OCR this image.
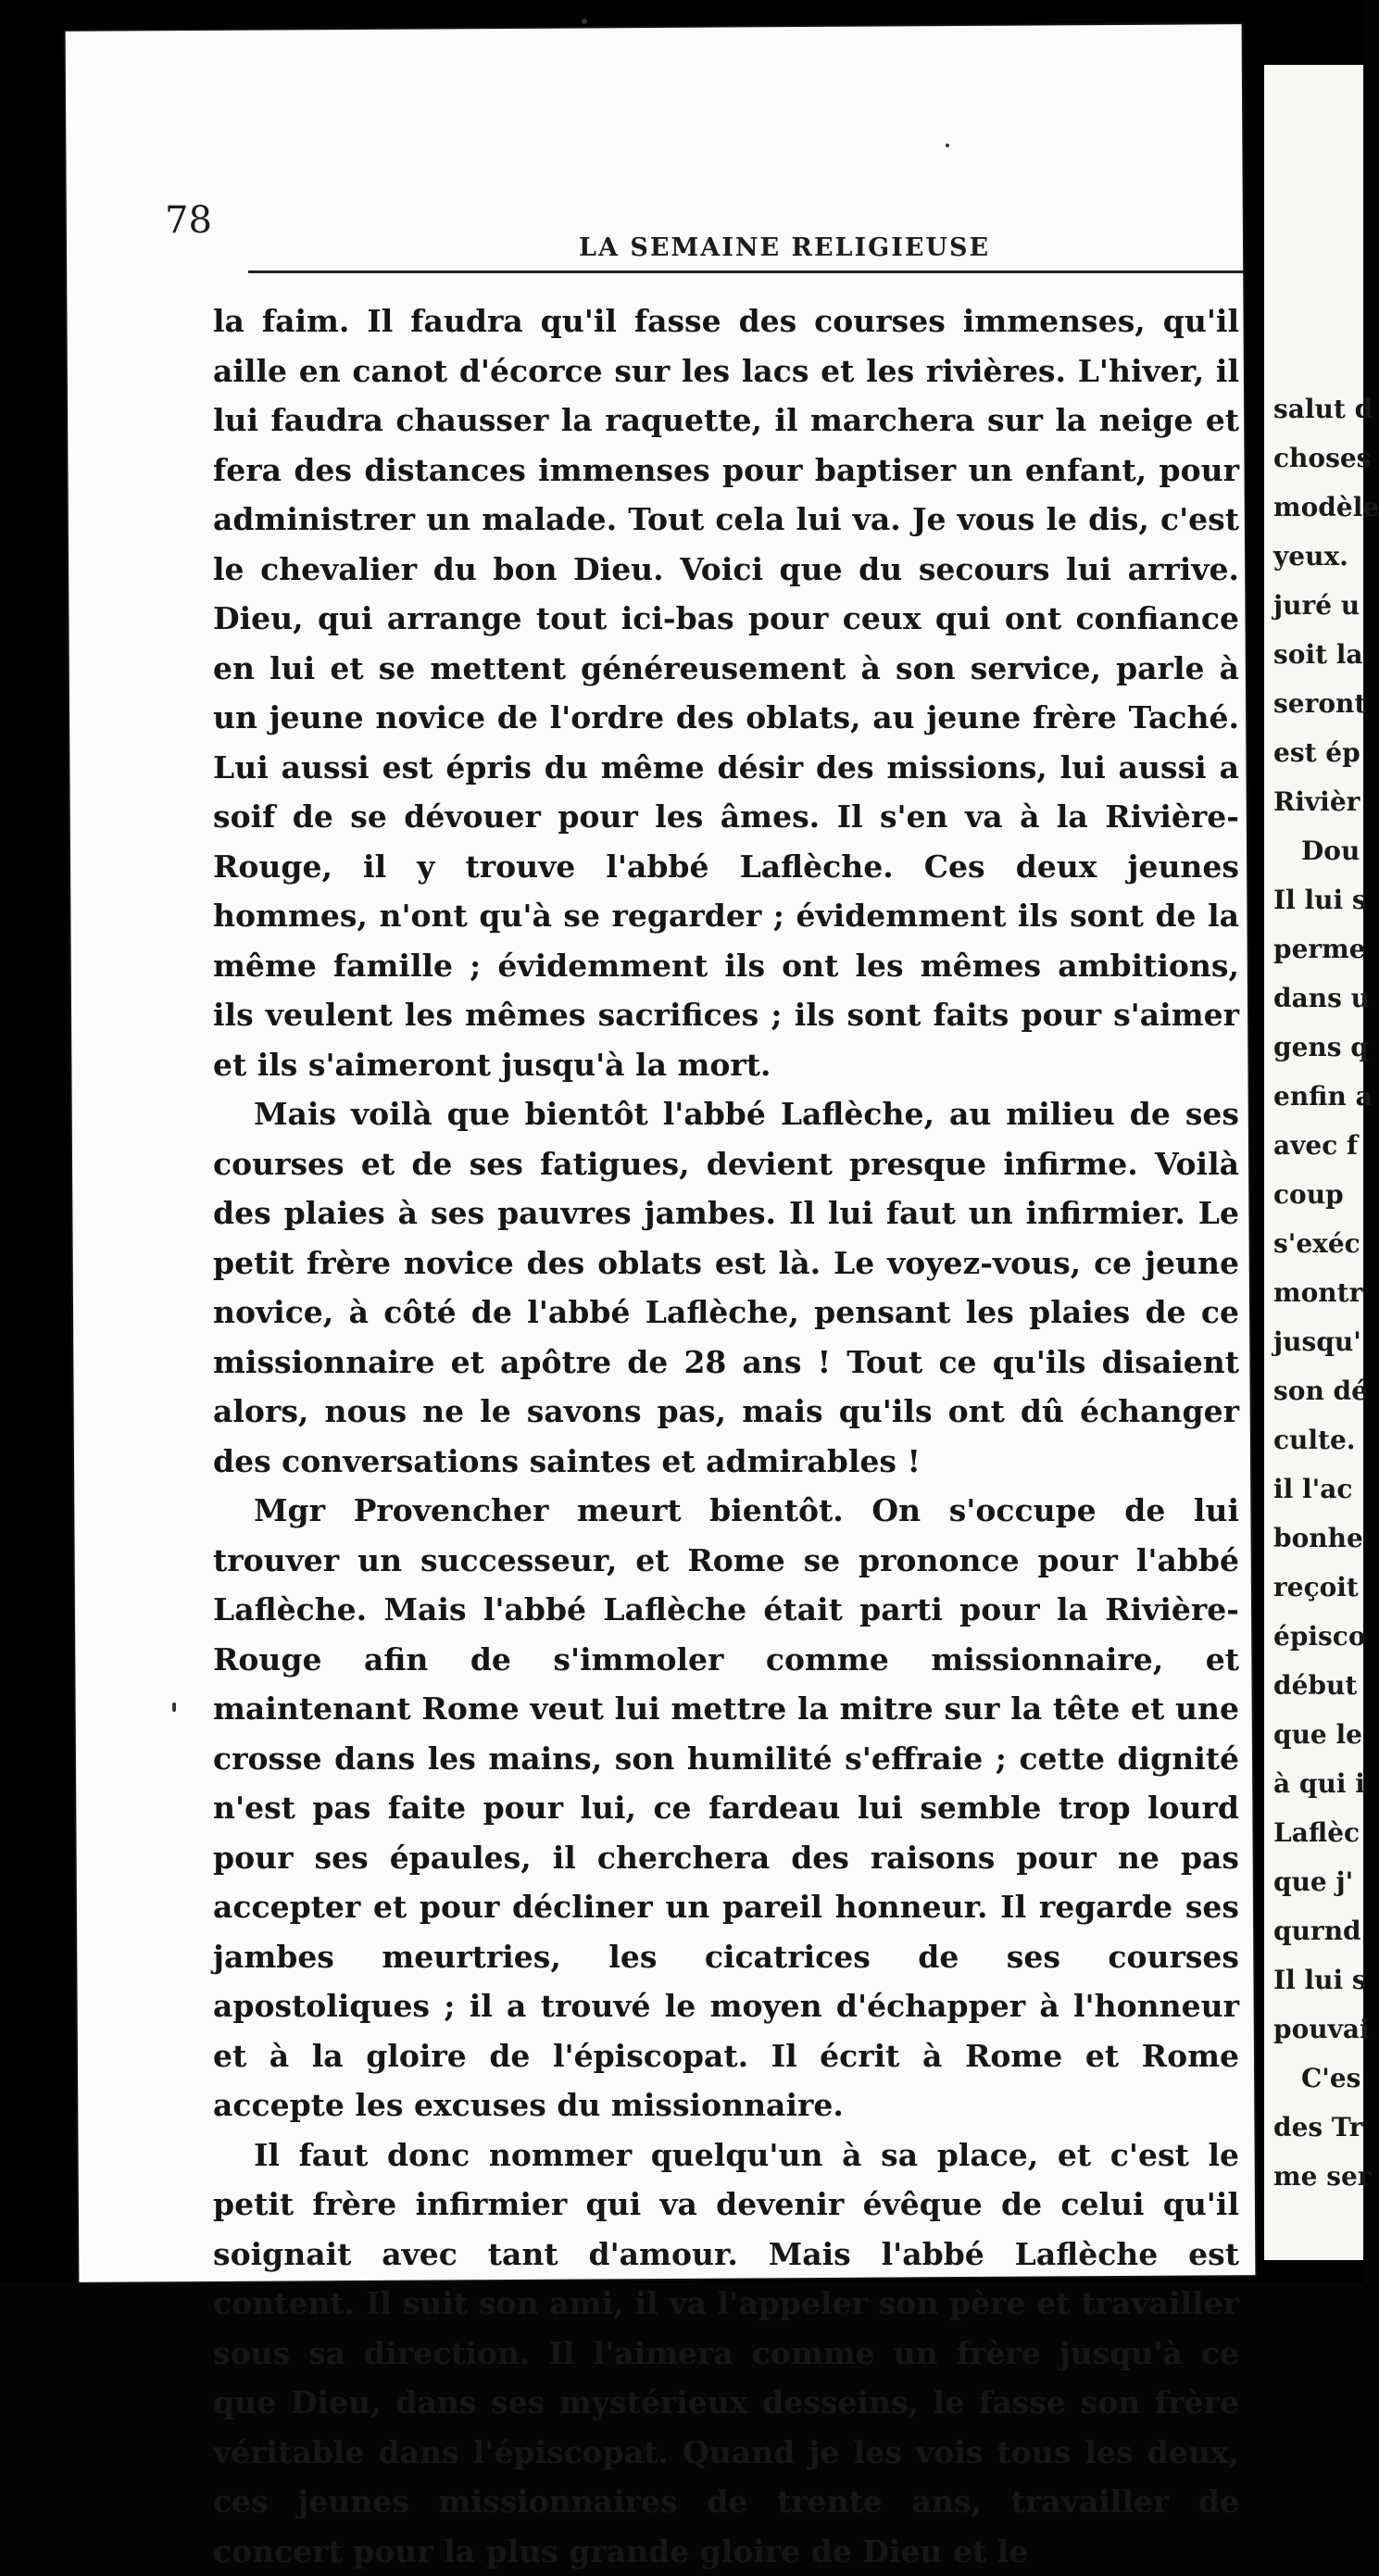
salut d
choses
modèle
yeux.
juré u
soit la
seront
est ép
Rivièr
Dou
Il lui s
perme
dans u
gens q
enfin a
avec f
coup
s'exéc
montr
jusqu'
son dé
culte.
il l'ac
bonhe
reçoit
épisco
début
que le
à qui i
Laflèc
que j'
qurnd
Il lui s
pouvai
C'es
des Tr
me ser
78
LA SEMAINE RELIGIEUSE

la faim. Il faudra qu'il fasse des courses immenses, qu'il aille en canot d'écorce sur les lacs et les rivières. L'hiver, il lui faudra chausser la raquette, il marchera sur la neige et fera des distances immenses pour baptiser un enfant, pour administrer un malade. Tout cela lui va. Je vous le dis, c'est le chevalier du bon Dieu. Voici que du secours lui arrive. Dieu, qui arrange tout ici-bas pour ceux qui ont confiance en lui et se mettent généreusement à son service, parle à un jeune novice de l'ordre des oblats, au jeune frère Taché. Lui aussi est épris du même désir des missions, lui aussi a soif de se dévouer pour les âmes. Il s'en va à la Rivière-Rouge, il y trouve l'abbé Laflèche. Ces deux jeunes hommes, n'ont qu'à se regarder ; évidemment ils sont de la même famille ; évidemment ils ont les mêmes ambitions, ils veulent les mêmes sacrifices ; ils sont faits pour s'aimer et ils s'aimeront jusqu'à la mort.

Mais voilà que bientôt l'abbé Laflèche, au milieu de ses courses et de ses fatigues, devient presque infirme. Voilà des plaies à ses pauvres jambes. Il lui faut un infirmier. Le petit frère novice des oblats est là. Le voyez-vous, ce jeune novice, à côté de l'abbé Laflèche, pensant les plaies de ce missionnaire et apôtre de 28 ans ! Tout ce qu'ils disaient alors, nous ne le savons pas, mais qu'ils ont dû échanger des conversations saintes et admirables !

Mgr Provencher meurt bientôt. On s'occupe de lui trouver un successeur, et Rome se prononce pour l'abbé Laflèche. Mais l'abbé Laflèche était parti pour la Rivière-Rouge afin de s'immoler comme missionnaire, et maintenant Rome veut lui mettre la mitre sur la tête et une crosse dans les mains, son humilité s'effraie ; cette dignité n'est pas faite pour lui, ce fardeau lui semble trop lourd pour ses épaules, il cherchera des raisons pour ne pas accepter et pour décliner un pareil honneur. Il regarde ses jambes meurtries, les cicatrices de ses courses apostoliques ; il a trouvé le moyen d'échapper à l'honneur et à la gloire de l'épiscopat. Il écrit à Rome et Rome accepte les excuses du missionnaire.

Il faut donc nommer quelqu'un à sa place, et c'est le petit frère infirmier qui va devenir évêque de celui qu'il soignait avec tant d'amour. Mais l'abbé Laflèche est content. Il suit son ami, il va l'appeler son père et travailler sous sa direction. Il l'aimera comme un frère jusqu'à ce que Dieu, dans ses mystérieux desseins, le fasse son frère véritable dans l'épiscopat. Quand je les vois tous les deux, ces jeunes missionnaires de trente ans, travailler de concert pour la plus grande gloire de Dieu et le
